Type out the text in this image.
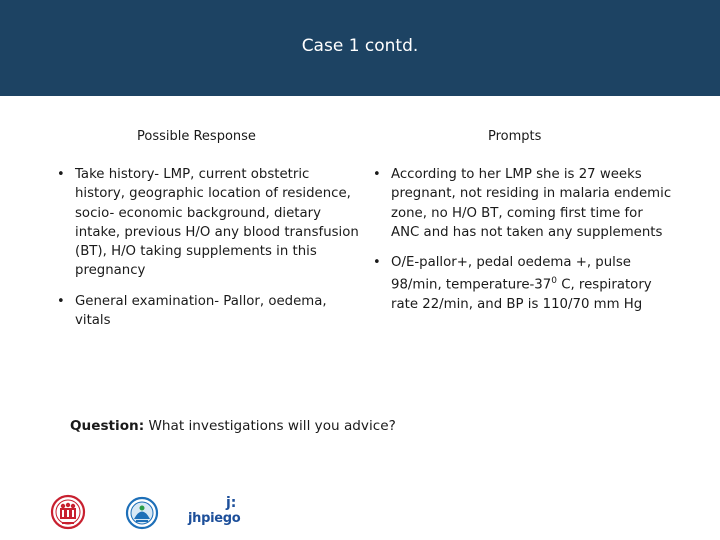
Case 1 contd.
Possible Response	Prompts
• Take history- LMP, current obstetric history, geographic location of residence, socio- economic background, dietary intake, previous H/O any blood transfusion (BT), H/O taking supplements in this pregnancy
• General examination- Pallor, oedema, vitals
• According to her LMP she is 27 weeks pregnant, not residing in malaria endemic zone, no H/O BT, coming first time for ANC and has not taken any supplements
• O/E-pallor+, pedal oedema +, pulse 98/min, temperature-$37^0$ C, respiratory rate 22/min, and BP is 110/70 mm Hg
Question: What investigations will you advice?
j:
jhpiego
